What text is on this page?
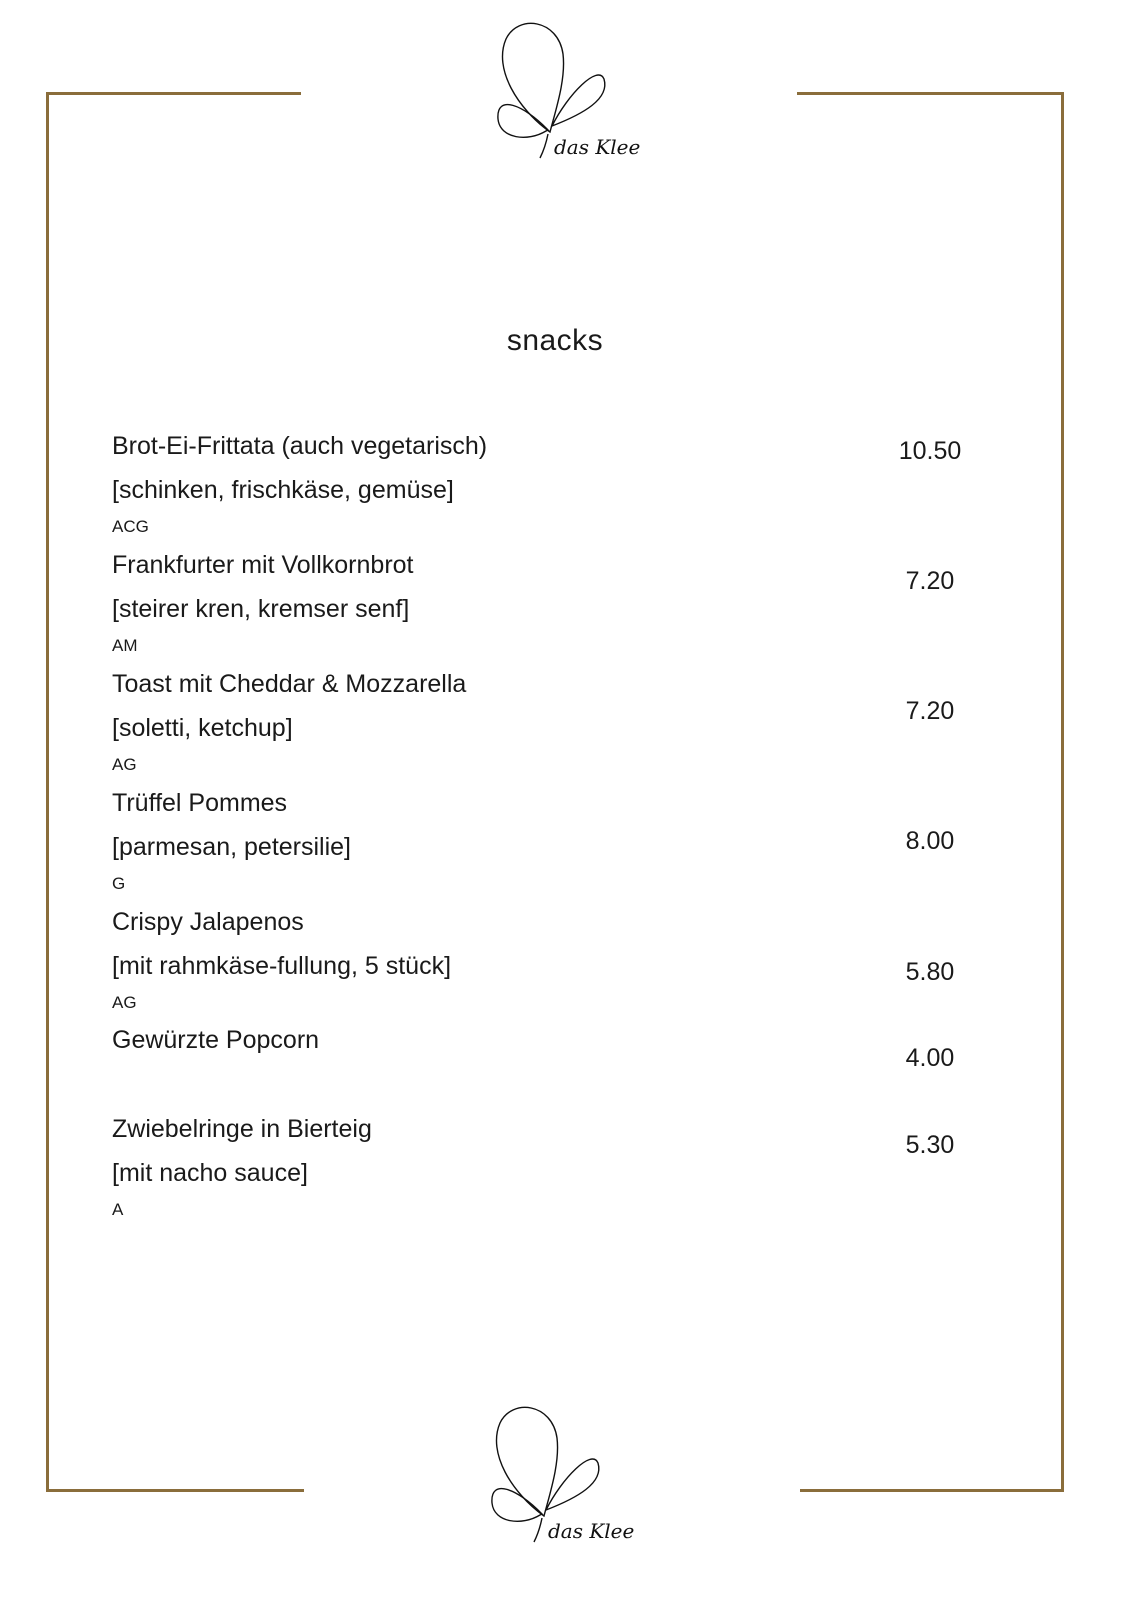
das Klee
snacks
Brot-Ei-Frittata (auch vegetarisch)
[schinken, frischkäse, gemüse]
ACG
10.50
Frankfurter mit Vollkornbrot
[steirer kren, kremser senf]
AM
7.20
Toast mit Cheddar & Mozzarella
[soletti, ketchup]
AG
7.20
Trüffel Pommes
[parmesan, petersilie]
G
8.00
Crispy Jalapenos
[mit rahmkäse-fullung, 5 stück]
AG
5.80
Gewürzte Popcorn
4.00
Zwiebelringe in Bierteig
[mit nacho sauce]
A
5.30
das Klee
